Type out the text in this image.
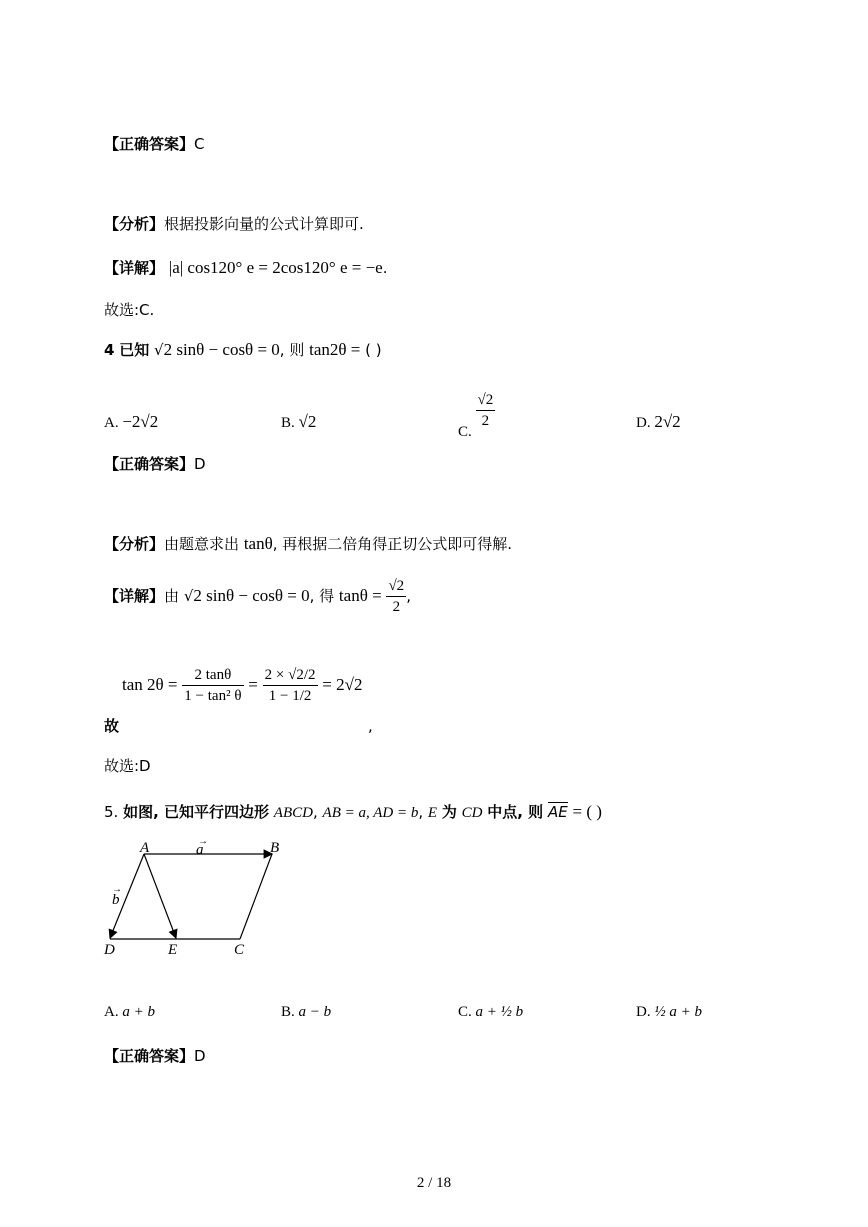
【正确答案】C
【分析】根据投影向量的公式计算即可.
【详解】 |a| cos120° e = 2cos120° e = −e.
故选:C.
4 已知 √2 sinθ − cosθ = 0, 则 tan2θ = ( )
A. −2√2	B. √2
C.
$\frac{√2}{2}$	D. 2√2
【正确答案】D
【分析】由题意求出 tanθ, 再根据二倍角得正切公式即可得解.
【详解】由 √2 sinθ − cosθ = 0, 得 $\tan\theta = \frac{√2}{2}$ ,
$\tan 2\theta = \frac{2 \tan\theta}{\text{1 − tan² θ}} = \frac{2 \times √2/2}{1 - 1/2} = 2√2$
故	,
故选:D
5. 如图, 已知平行四边形 ABCD, AB = a, AD = b, E 为 CD 中点, 则 AE = ( )
A	B
C
D	E
a
→
b
→
A. a + b	B. a − b	C. a + ½ b	D. ½ a + b
【正确答案】D
2 / 18
